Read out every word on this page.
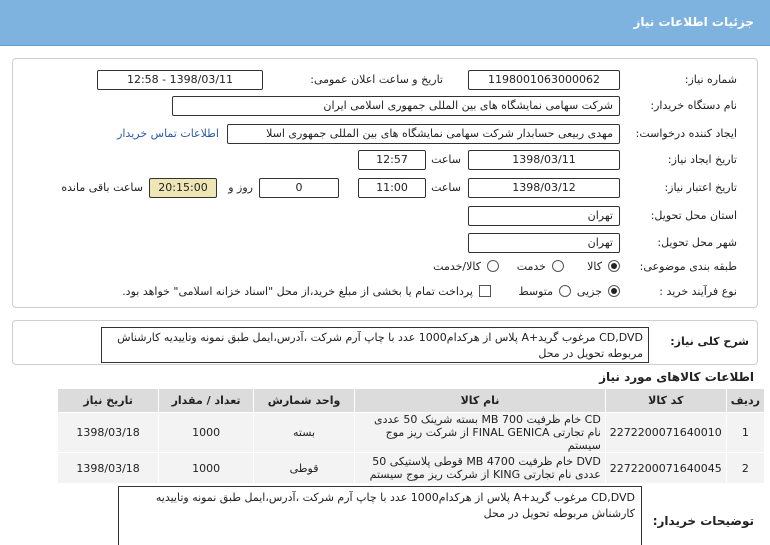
جزئیات اطلاعات نیاز
شماره نیاز:
1198001063000062
تاریخ و ساعت اعلان عمومی:
1398/03/11 - 12:58
نام دستگاه خریدار:
شرکت سهامی نمایشگاه های بین المللی جمهوری اسلامی ایران
ایجاد کننده درخواست:
مهدی ربیعی حسابدار شرکت سهامی نمایشگاه های بین المللی جمهوری اسلا
اطلاعات تماس خریدار
تاریخ ایجاد نیاز:
1398/03/11
ساعت
12:57
تاریخ اعتبار نیاز:
1398/03/12
ساعت
11:00
0
روز و
20:15:00
ساعت باقی مانده
استان محل تحویل:
تهران
شهر محل تحویل:
تهران
طبقه بندی موضوعی:
کالا
خدمت
کالا/خدمت
نوع فرآیند خرید :
جزیی
متوسط
پرداخت تمام یا بخشی از مبلغ خرید،از محل "اسناد خزانه اسلامی" خواهد بود.
شرح کلی نیاز:
CD,DVD مرغوب گرید+A پلاس از هرکدام1000 عدد با چاپ آرم شرکت ،آدرس،ایمل طبق نمونه وتاییدیه کارشناش مربوطه تحویل در محل
اطلاعات کالاهای مورد نیاز
ردیف	کد کالا	نام کالا	واحد شمارش	تعداد / مقدار	تاریخ نیاز
1	2272200071640010	CD خام ظرفیت 700 MB بسته شرینک 50 عددی نام تجارتی FINAL GENICA از شرکت ریز موج سیستم	بسته	1000	1398/03/18
2	2272200071640045	DVD خام ظرفیت 4700 MB قوطی پلاستیکی 50 عددی نام تجارتی KING از شرکت ریز موج سیستم	قوطی	1000	1398/03/18
توضیحات خریدار:
CD,DVD مرغوب گرید+A پلاس از هرکدام1000 عدد با چاپ آرم شرکت ،آدرس،ایمل طبق نمونه وتاییدیه کارشناش مربوطه تحویل در محل
